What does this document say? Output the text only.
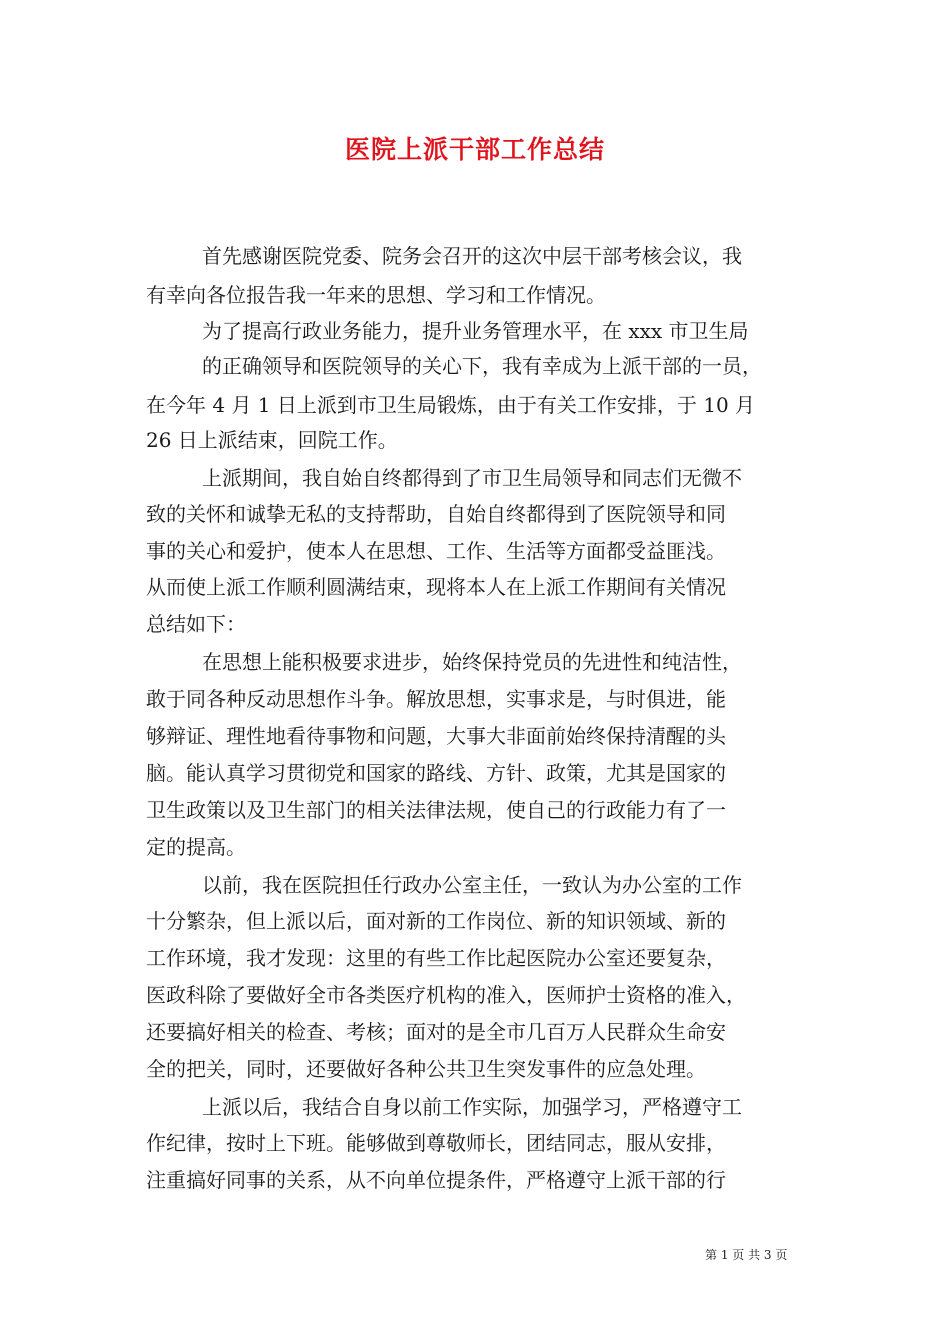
医院上派干部工作总结
首先感谢医院党委、院务会召开的这次中层干部考核会议，我
有幸向各位报告我一年来的思想、学习和工作情况。
为了提高行政业务能力，提升业务管理水平，在 xxx 市卫生局
的正确领导和医院领导的关心下，我有幸成为上派干部的一员，
在今年 4 月 1 日上派到市卫生局锻炼，由于有关工作安排，于 10 月
26 日上派结束，回院工作。
上派期间，我自始自终都得到了市卫生局领导和同志们无微不
致的关怀和诚挚无私的支持帮助，自始自终都得到了医院领导和同
事的关心和爱护，使本人在思想、工作、生活等方面都受益匪浅。
从而使上派工作顺利圆满结束，现将本人在上派工作期间有关情况
总结如下：
在思想上能积极要求进步，始终保持党员的先进性和纯洁性，
敢于同各种反动思想作斗争。解放思想，实事求是，与时俱进，能
够辩证、理性地看待事物和问题，大事大非面前始终保持清醒的头
脑。能认真学习贯彻党和国家的路线、方针、政策，尤其是国家的
卫生政策以及卫生部门的相关法律法规，使自己的行政能力有了一
定的提高。
以前，我在医院担任行政办公室主任，一致认为办公室的工作
十分繁杂，但上派以后，面对新的工作岗位、新的知识领域、新的
工作环境，我才发现：这里的有些工作比起医院办公室还要复杂，
医政科除了要做好全市各类医疗机构的准入，医师护士资格的准入，
还要搞好相关的检查、考核；面对的是全市几百万人民群众生命安
全的把关，同时，还要做好各种公共卫生突发事件的应急处理。
上派以后，我结合自身以前工作实际，加强学习，严格遵守工
作纪律，按时上下班。能够做到尊敬师长，团结同志，服从安排，
注重搞好同事的关系，从不向单位提条件，严格遵守上派干部的行
第 1 页 共 3 页
